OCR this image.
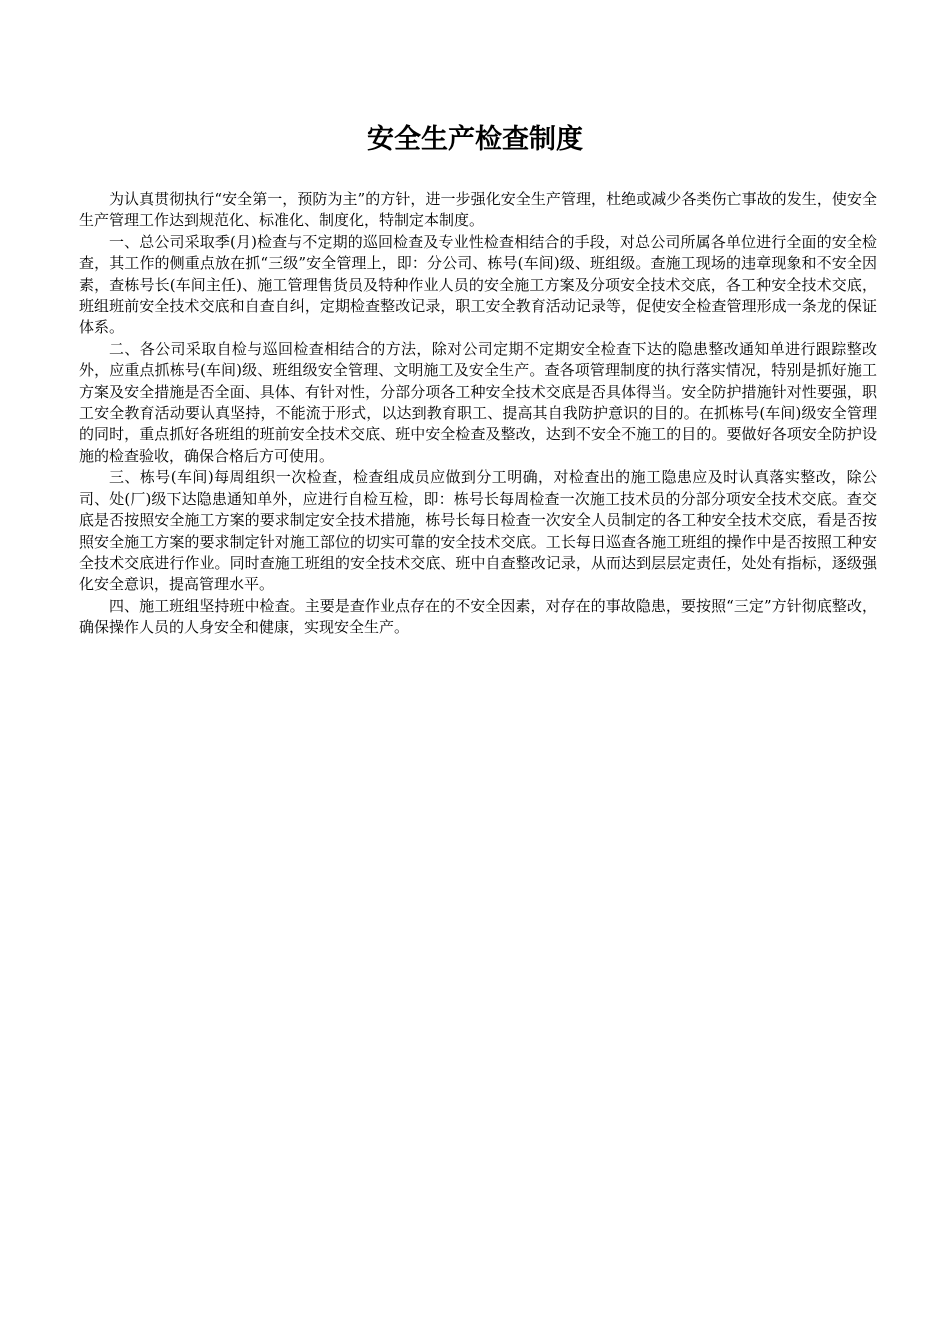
安全生产检查制度

为认真贯彻执行“安全第一，预防为主”的方针，进一步强化安全生产管理，杜绝或减少各类伤亡事故的发生，使安全生产管理工作达到规范化、标准化、制度化，特制定本制度。

一、总公司采取季(月)检查与不定期的巡回检查及专业性检查相结合的手段，对总公司所属各单位进行全面的安全检查，其工作的侧重点放在抓“三级”安全管理上，即：分公司、栋号(车间)级、班组级。查施工现场的违章现象和不安全因素，查栋号长(车间主任)、施工管理售货员及特种作业人员的安全施工方案及分项安全技术交底，各工种安全技术交底，班组班前安全技术交底和自查自纠，定期检查整改记录，职工安全教育活动记录等，促使安全检查管理形成一条龙的保证体系。

二、各公司采取自检与巡回检查相结合的方法，除对公司定期不定期安全检查下达的隐患整改通知单进行跟踪整改外，应重点抓栋号(车间)级、班组级安全管理、文明施工及安全生产。查各项管理制度的执行落实情况，特别是抓好施工方案及安全措施是否全面、具体、有针对性，分部分项各工种安全技术交底是否具体得当。安全防护措施针对性要强，职工安全教育活动要认真坚持，不能流于形式，以达到教育职工、提高其自我防护意识的目的。在抓栋号(车间)级安全管理的同时，重点抓好各班组的班前安全技术交底、班中安全检查及整改，达到不安全不施工的目的。要做好各项安全防护设施的检查验收，确保合格后方可使用。

三、栋号(车间)每周组织一次检查，检查组成员应做到分工明确，对检查出的施工隐患应及时认真落实整改，除公司、处(厂)级下达隐患通知单外，应进行自检互检，即：栋号长每周检查一次施工技术员的分部分项安全技术交底。查交底是否按照安全施工方案的要求制定安全技术措施，栋号长每日检查一次安全人员制定的各工种安全技术交底，看是否按照安全施工方案的要求制定针对施工部位的切实可靠的安全技术交底。工长每日巡查各施工班组的操作中是否按照工种安全技术交底进行作业。同时查施工班组的安全技术交底、班中自查整改记录，从而达到层层定责任，处处有指标，逐级强化安全意识，提高管理水平。

四、施工班组坚持班中检查。主要是查作业点存在的不安全因素，对存在的事故隐患，要按照“三定”方针彻底整改，确保操作人员的人身安全和健康，实现安全生产。
